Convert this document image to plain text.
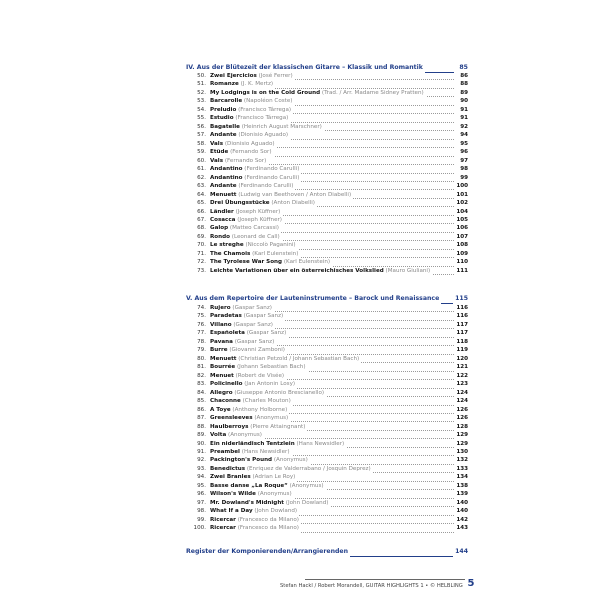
IV. Aus der Blütezeit der klassischen Gitarre – Klassik und Romantik	85
50. Zwei Ejercicios (José Ferrer)	86
51. Romanze (J. K. Mertz)	88
52. My Lodgings is on the Cold Ground (Trad. / Arr. Madame Sidney Pratten)	89
53. Barcarolle (Napoléon Coste)	90
54. Preludio (Francisco Tárrega)	91
55. Estudio (Francisco Tárrega)	91
56. Bagatelle (Heinrich August Marschner)	92
57. Andante (Dionisio Aguado)	94
58. Vals (Dionisio Aguado)	95
59. Etüde (Fernando Sor)	96
60. Vals (Fernando Sor)	97
61. Andantino (Ferdinando Carulli)	98
62. Andantino (Ferdinando Carulli)	99
63. Andante (Ferdinando Carulli)	100
64. Menuett (Ludwig van Beethoven / Anton Diabelli)	101
65. Drei Übungsstücke (Anton Diabelli)	102
66. Ländler (Joseph Küffner)	104
67. Cosacca (Joseph Küffner)	105
68. Galop (Matteo Carcassi)	106
69. Rondo (Leonard de Call)	107
70. Le streghe (Niccolò Paganini)	108
71. The Chamois (Karl Eulenstein)	109
72. The Tyrolese War Song (Karl Eulenstein)	110
73. Leichte Variationen über ein österreichisches Volkslied (Mauro Giuliani)	111
V. Aus dem Repertoire der Lauteninstrumente – Barock und Renaissance	115
74. Rujero (Gaspar Sanz)	116
75. Paradetas (Gaspar Sanz)	116
76. Villano (Gaspar Sanz)	117
77. Españoleta (Gaspar Sanz)	117
78. Pavana (Gaspar Sanz)	118
79. Burre (Giovanni Zamboni)	119
80. Menuett (Christian Petzold / Johann Sebastian Bach)	120
81. Bourrée (Johann Sebastian Bach)	121
82. Menuet (Robert de Visée)	122
83. Policinello (Jan Antonin Losy)	123
84. Allegro (Giuseppe Antonio Brescianello)	124
85. Chaconne (Charles Mouton)	124
86. A Toye (Anthony Holborne)	126
87. Greensleeves (Anonymus)	126
88. Haulberroys (Pierre Attaingnant)	128
89. Volta (Anonymus)	129
90. Ein niderländisch Tentzlein (Hans Newsidler)	129
91. Preambel (Hans Newsidler)	130
92. Packington's Pound (Anonymus)	132
93. Benedictus (Enriquez de Valderrabano / Josquin Deprez)	133
94. Zwei Branles (Adrian Le Roy)	134
95. Basse danse „La Roque“ (Anonymus)	138
96. Wilson's Wilde (Anonymus)	139
97. Mr. Dowland's Midnight (John Dowland)	140
98. What If a Day (John Dowland)	140
99. Ricercar (Francesco da Milano)	142
100. Ricercar (Francesco da Milano)	143
Register der Komponierenden/Arrangierenden	144
Stefan Hackl / Robert Morandell, GUITAR HIGHLIGHTS 1 • © HELBLING 5
